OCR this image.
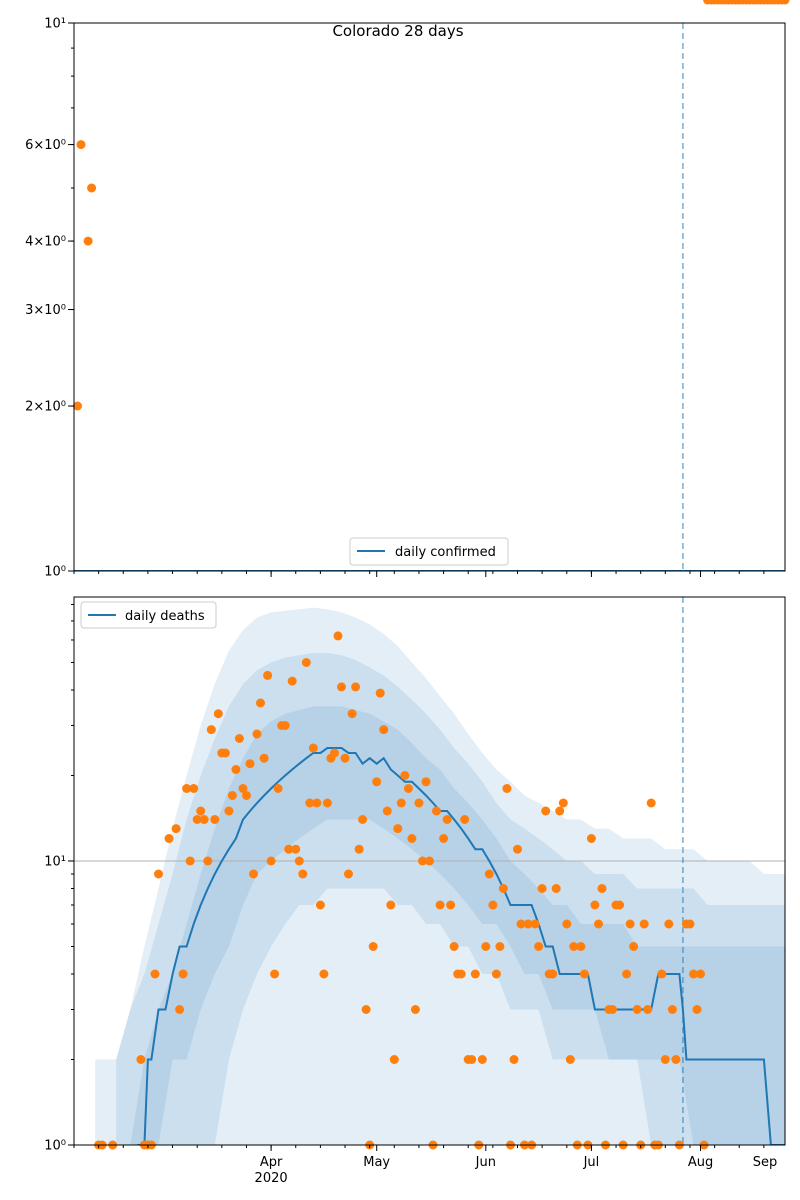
10⁰
2×10⁰
3×10⁰
4×10⁰
6×10⁰
10¹	Colorado 28 days
daily confirmed
10⁰
10¹
Apr
2020
May	Jun	Jul	Aug	Sep
daily deaths
